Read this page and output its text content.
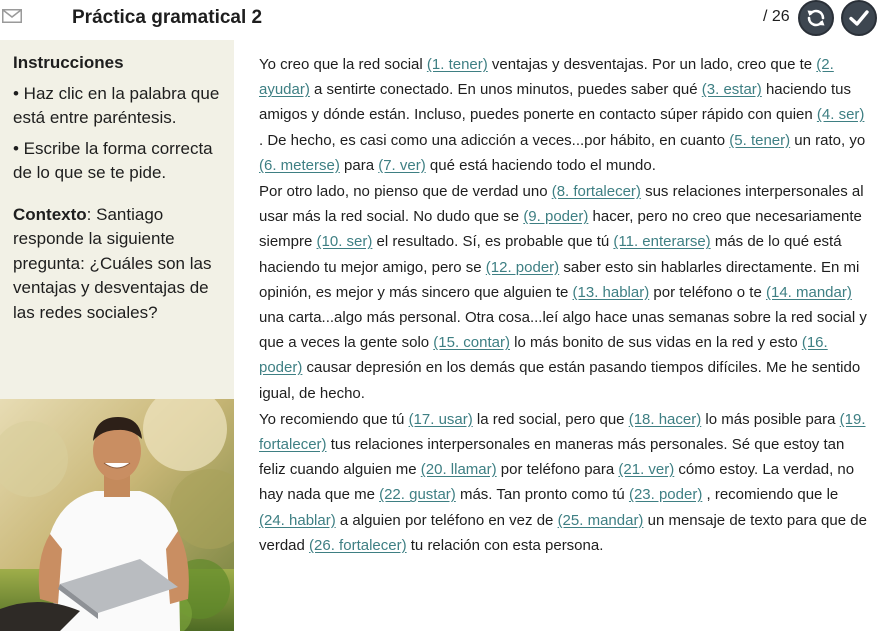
Práctica gramatical 2	/ 26
Instrucciones
• Haz clic en la palabra que está entre paréntesis.
• Escribe la forma correcta de lo que se te pide.
Contexto: Santiago responde la siguiente pregunta: ¿Cuáles son las ventajas y desventajas de las redes sociales?

Yo creo que la red social (1. tener) ventajas y desventajas. Por un lado, creo que te (2. ayudar) a sentirte conectado. En unos minutos, puedes saber qué (3. estar) haciendo tus amigos y dónde están. Incluso, puedes ponerte en contacto súper rápido con quien (4. ser) . De hecho, es casi como una adicción a veces...por hábito, en cuanto (5. tener) un rato, yo (6. meterse) para (7. ver) qué está haciendo todo el mundo.

Por otro lado, no pienso que de verdad uno (8. fortalecer) sus relaciones interpersonales al usar más la red social. No dudo que se (9. poder) hacer, pero no creo que necesariamente siempre (10. ser) el resultado. Sí, es probable que tú (11. enterarse) más de lo qué está haciendo tu mejor amigo, pero se (12. poder) saber esto sin hablarles directamente. En mi opinión, es mejor y más sincero que alguien te (13. hablar) por teléfono o te (14. mandar) una carta...algo más personal. Otra cosa...leí algo hace unas semanas sobre la red social y que a veces la gente solo (15. contar) lo más bonito de sus vidas en la red y esto (16. poder) causar depresión en los demás que están pasando tiempos difíciles. Me he sentido igual, de hecho.

Yo recomiendo que tú (17. usar) la red social, pero que (18. hacer) lo más posible para (19. fortalecer) tus relaciones interpersonales en maneras más personales. Sé que estoy tan feliz cuando alguien me (20. llamar) por teléfono para (21. ver) cómo estoy. La verdad, no hay nada que me (22. gustar) más. Tan pronto como tú (23. poder) , recomiendo que le (24. hablar) a alguien por teléfono en vez de (25. mandar) un mensaje de texto para que de verdad (26. fortalecer) tu relación con esta persona.
